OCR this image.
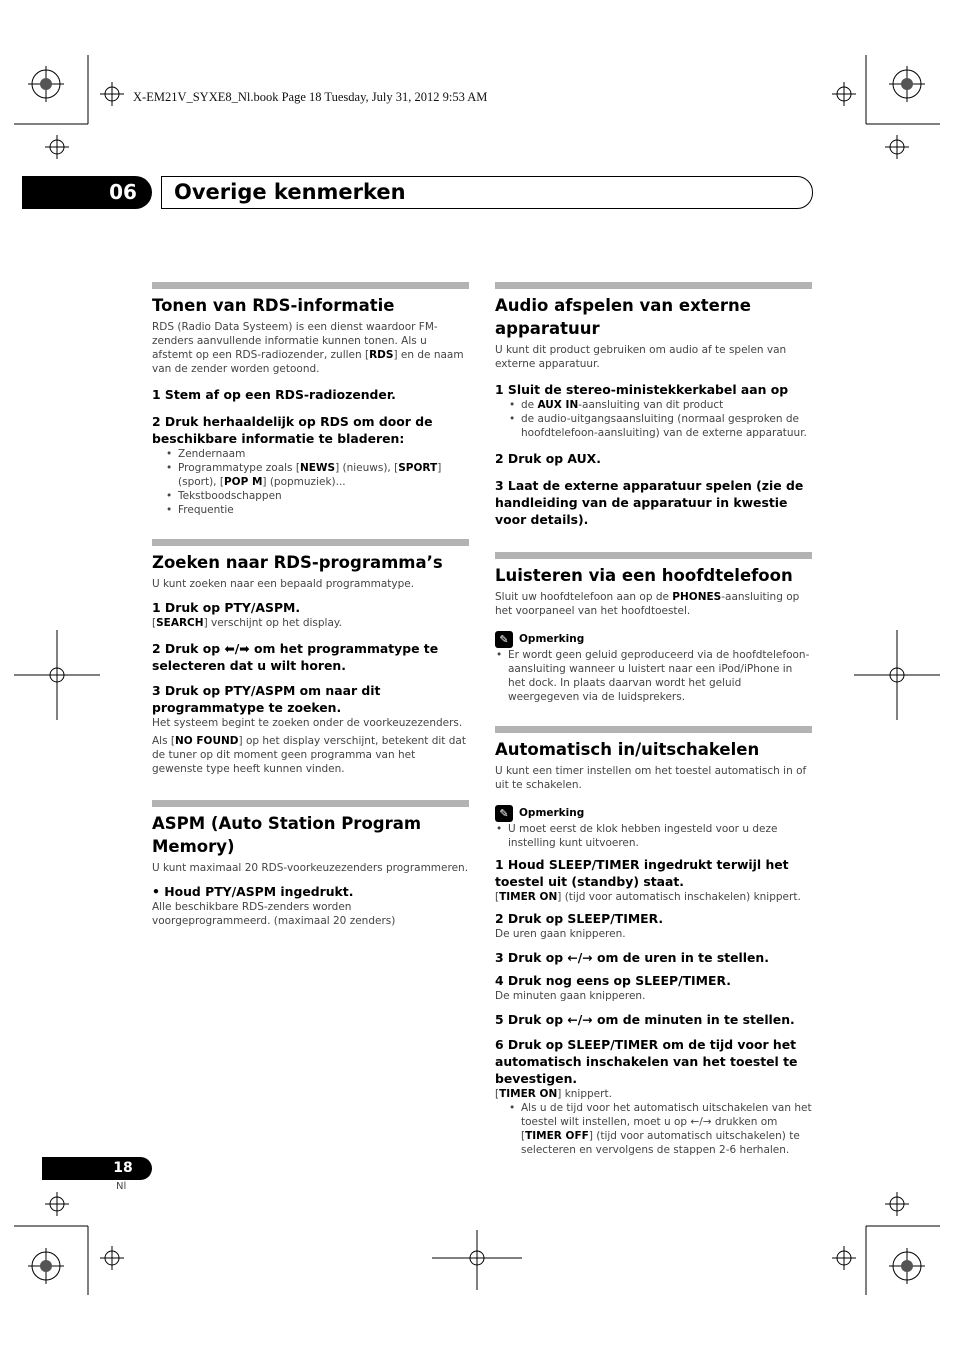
X-EM21V_SYXE8_Nl.book Page 18 Tuesday, July 31, 2012 9:53 AM
06 Overige kenmerken
Tonen van RDS-informatie

RDS (Radio Data Systeem) is een dienst waardoor FM-zenders aanvullende informatie kunnen tonen. Als u afstemt op een RDS-radiozender, zullen [RDS] en de naam van de zender worden getoond.

1 Stem af op een RDS-radiozender.

2 Druk herhaaldelijk op RDS om door de beschikbare informatie te bladeren:

• Zendernaam
• Programmatype zoals [NEWS] (nieuws), [SPORT] (sport), [POP M] (popmuziek)...
• Tekstboodschappen
• Frequentie
Zoeken naar RDS-programma’s

U kunt zoeken naar een bepaald programmatype.

1 Druk op PTY/ASPM.

[SEARCH] verschijnt op het display.

2 Druk op ⬅/➡ om het programmatype te selecteren dat u wilt horen.

3 Druk op PTY/ASPM om naar dit programmatype te zoeken.

Het systeem begint te zoeken onder de voorkeuzezenders.

Als [NO FOUND] op het display verschijnt, betekent dit dat de tuner op dit moment geen programma van het gewenste type heeft kunnen vinden.

ASPM (Auto Station Program Memory)

U kunt maximaal 20 RDS-voorkeuzezenders programmeren.

• Houd PTY/ASPM ingedrukt.

Alle beschikbare RDS-zenders worden voorgeprogrammeerd. (maximaal 20 zenders)

Audio afspelen van externe apparatuur

U kunt dit product gebruiken om audio af te spelen van externe apparatuur.

1 Sluit de stereo-ministekkerkabel aan op

• de AUX IN-aansluiting van dit product
• de audio-uitgangsaansluiting (normaal gesproken de hoofdtelefoon-aansluiting) van de externe apparatuur.

2 Druk op AUX.

3 Laat de externe apparatuur spelen (zie de handleiding van de apparatuur in kwestie voor details).

Luisteren via een hoofdtelefoon

Sluit uw hoofdtelefoon aan op de PHONES-aansluiting op het voorpaneel van het hoofdtoestel.

✎ Opmerking
• Er wordt geen geluid geproduceerd via de hoofdtelefoon-aansluiting wanneer u luistert naar een iPod/iPhone in het dock. In plaats daarvan wordt het geluid weergegeven via de luidsprekers.
Automatisch in/uitschakelen

U kunt een timer instellen om het toestel automatisch in of uit te schakelen.

✎ Opmerking
• U moet eerst de klok hebben ingesteld voor u deze instelling kunt uitvoeren.

1 Houd SLEEP/TIMER ingedrukt terwijl het toestel uit (standby) staat.

[TIMER ON] (tijd voor automatisch inschakelen) knippert.

2 Druk op SLEEP/TIMER.

De uren gaan knipperen.

3 Druk op ←/→ om de uren in te stellen.

4 Druk nog eens op SLEEP/TIMER.

De minuten gaan knipperen.

5 Druk op ←/→ om de minuten in te stellen.

6 Druk op SLEEP/TIMER om de tijd voor het automatisch inschakelen van het toestel te bevestigen.

[TIMER ON] knippert.

• Als u de tijd voor het automatisch uitschakelen van het toestel wilt instellen, moet u op ←/→ drukken om [TIMER OFF] (tijd voor automatisch uitschakelen) te selecteren en vervolgens de stappen 2-6 herhalen.
18
Nl
